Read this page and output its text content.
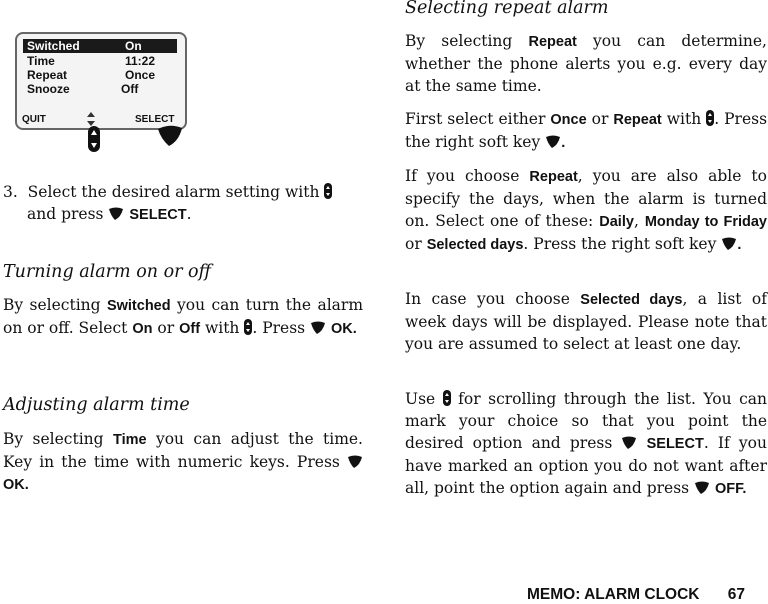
Switched	On
Time	11:22
Repeat	Once
Snooze	Off
QUIT	SELECT

3. Select the desired alarm setting with
and press SELECT.

Turning alarm on or off

By selecting Switched you can turn the alarm on or off. Select On or Off with . Press OK.

Adjusting alarm time

By selecting Time you can adjust the time. Key in the time with numeric keys. Press  OK.

Selecting repeat alarm

By selecting Repeat you can determine, whether the phone alerts you e.g. every day at the same time.

First select either Once or Repeat with . Press the right soft key .

If you choose Repeat, you are also able to specify the days, when the alarm is turned on. Select one of these: Daily, Monday to Friday or Selected days. Press the right soft key .

In case you choose Selected days, a list of week days will be displayed. Please note that you are assumed to select at least one day.

Use for scrolling through the list. You can mark your choice so that you point the desired option and press SELECT. If you have marked an option you do not want after all, point the option again and press OFF.

MEMO: ALARM CLOCK 67
